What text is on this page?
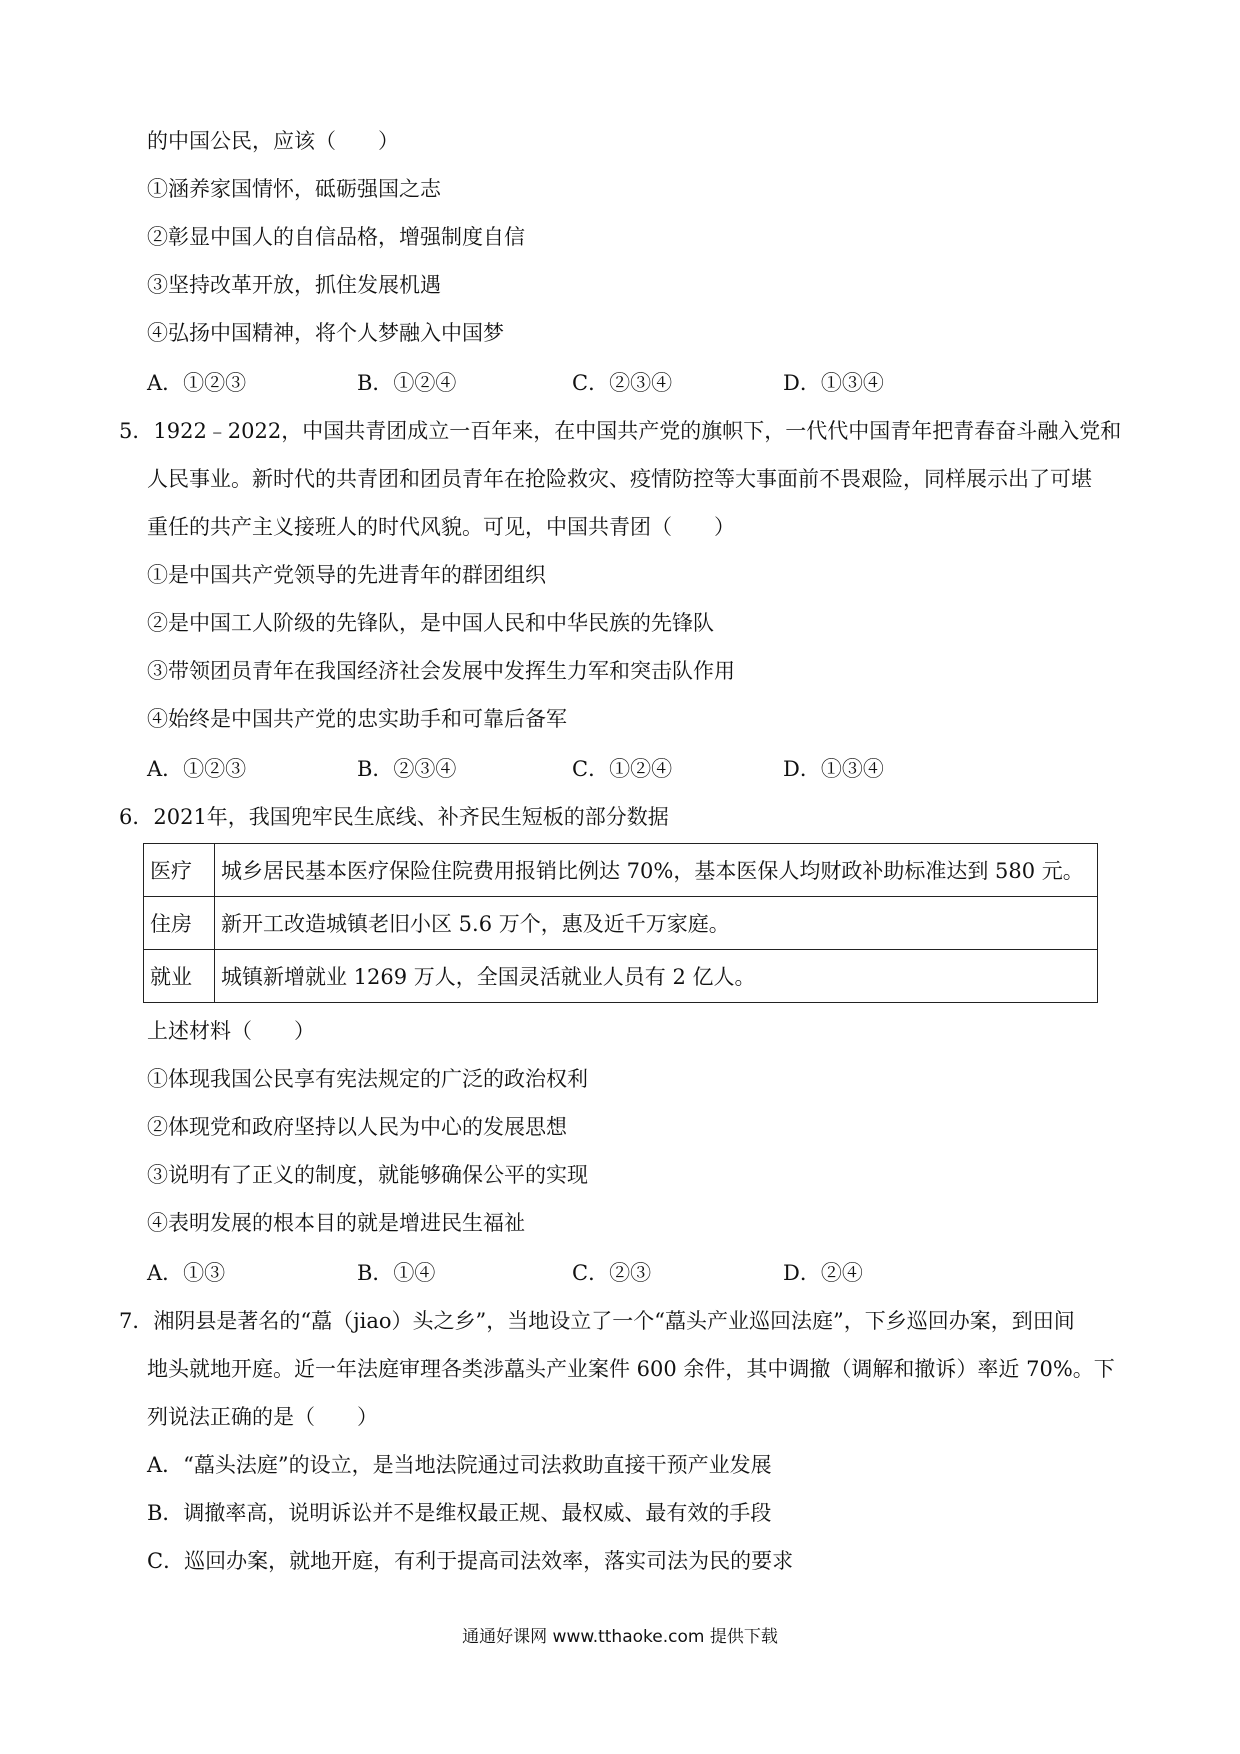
的中国公民，应该（　　）
①涵养家国情怀，砥砺强国之志
②彰显中国人的自信品格，增强制度自信
③坚持改革开放，抓住发展机遇
④弘扬中国精神，将个人梦融入中国梦
A．①②③	B．①②④	C．②③④	D．①③④
5．1922﹣2022，中国共青团成立一百年来，在中国共产党的旗帜下，一代代中国青年把青春奋斗融入党和
人民事业。新时代的共青团和团员青年在抢险救灾、疫情防控等大事面前不畏艰险，同样展示出了可堪
重任的共产主义接班人的时代风貌。可见，中国共青团（　　）
①是中国共产党领导的先进青年的群团组织
②是中国工人阶级的先锋队，是中国人民和中华民族的先锋队
③带领团员青年在我国经济社会发展中发挥生力军和突击队作用
④始终是中国共产党的忠实助手和可靠后备军
A．①②③	B．②③④	C．①②④	D．①③④
6．2021年，我国兜牢民生底线、补齐民生短板的部分数据
医疗	城乡居民基本医疗保险住院费用报销比例达 70%，基本医保人均财政补助标准达到 580 元。
住房	新开工改造城镇老旧小区 5.6 万个，惠及近千万家庭。
就业	城镇新增就业 1269 万人，全国灵活就业人员有 2 亿人。
上述材料（　　）
①体现我国公民享有宪法规定的广泛的政治权利
②体现党和政府坚持以人民为中心的发展思想
③说明有了正义的制度，就能够确保公平的实现
④表明发展的根本目的就是增进民生福祉
A．①③	B．①④	C．②③	D．②④
7．湘阴县是著名的“藠（jiao）头之乡”，当地设立了一个“藠头产业巡回法庭”，下乡巡回办案，到田间
地头就地开庭。近一年法庭审理各类涉藠头产业案件 600 余件，其中调撤（调解和撤诉）率近 70%。下
列说法正确的是（　　）
A．“藠头法庭”的设立，是当地法院通过司法救助直接干预产业发展
B．调撤率高，说明诉讼并不是维权最正规、最权威、最有效的手段
C．巡回办案，就地开庭，有利于提高司法效率，落实司法为民的要求
通通好课网 www.tthaoke.com 提供下载
